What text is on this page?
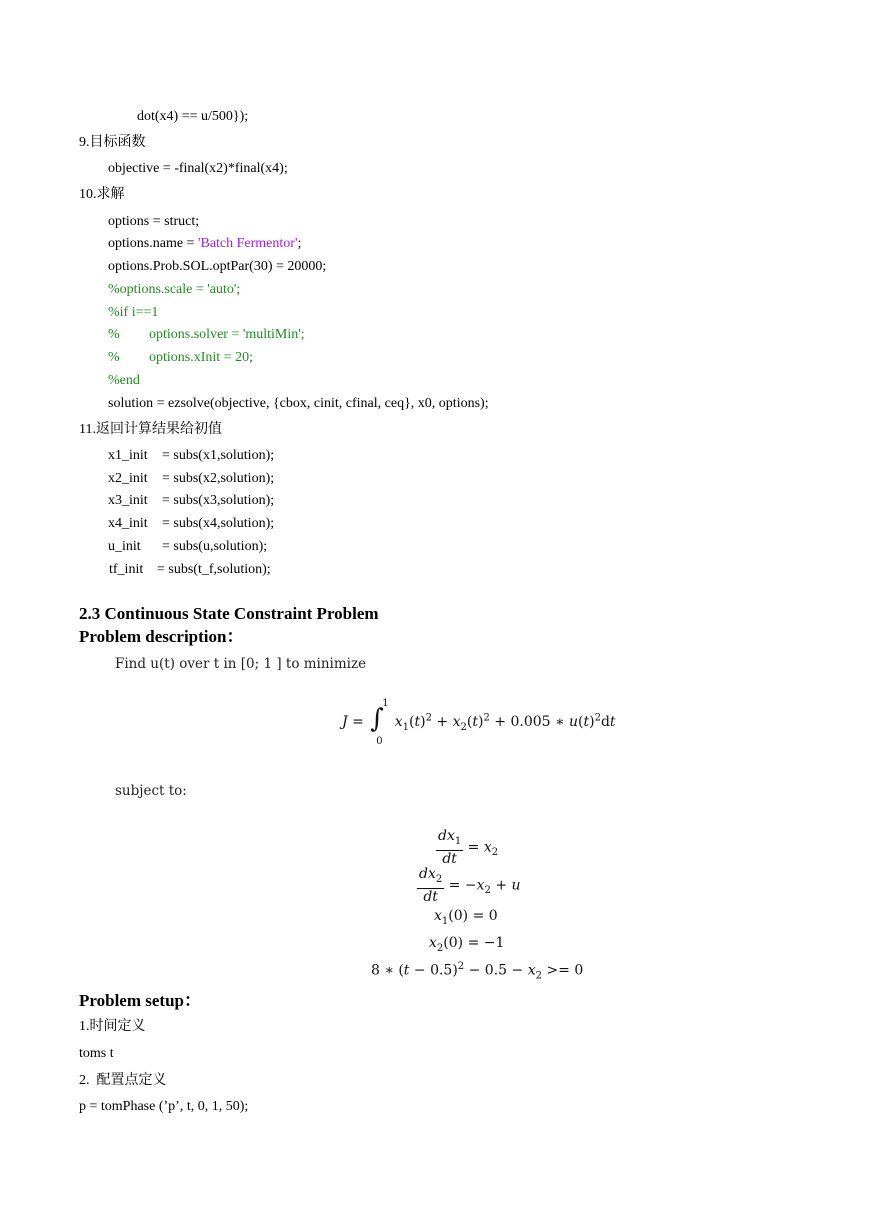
dot(x4) == u/500});
9.目标函数
objective = -final(x2)*final(x4);
10.求解
options = struct;
options.name = 'Batch Fermentor';
options.Prob.SOL.optPar(30) = 20000;
%options.scale = 'auto';
%if i==1
% options.solver = 'multiMin';
% options.xInit = 20;
%end
solution = ezsolve(objective, {cbox, cinit, cfinal, ceq}, x0, options);
11.返回计算结果给初值
x1_init = subs(x1,solution);
x2_init = subs(x2,solution);
x3_init = subs(x3,solution);
x4_init = subs(x4,solution);
u_init = subs(u,solution);
tf_init = subs(t_f,solution);
2.3 Continuous State Constraint Problem
Problem description：
Find u(t) over t in [0; 1 ] to minimize
J = ∫
1
0
$x_1(t)^2 + x_2(t)^2 + 0.005$ ∗ $u(t)^2dt$
subject to:
$\frac{dx_1}{dt} = x_2$
$\frac{dx_2}{dt} = -x_2 + u$
$x_1(0) = 0$
$x_2(0) = -1$
8 ∗ $(t - 0.5)^2 - 0.5 - x_2 >= 0$
Problem setup：
1.时间定义
toms t
2.  配置点定义
p = tomPhase (’p’, t, 0, 1, 50);
